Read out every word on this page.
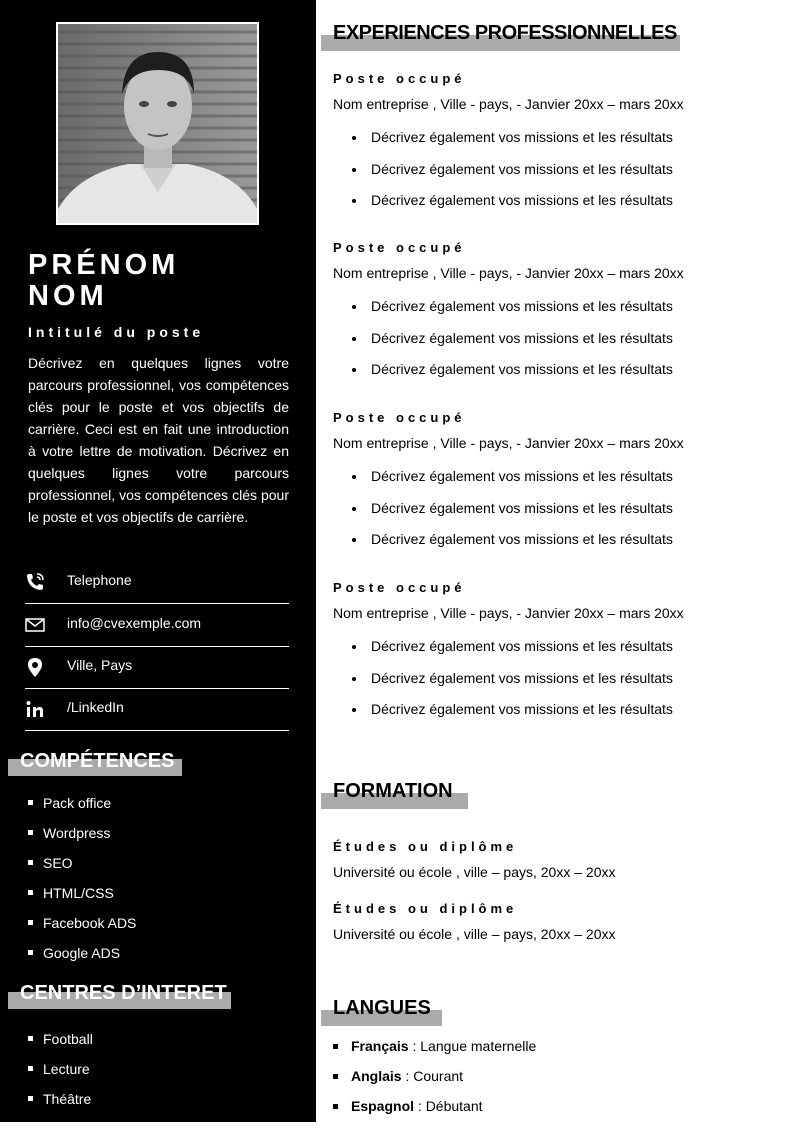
PRÉNOM
NOM
Intitulé du poste
Décrivez en quelques lignes votre parcours professionnel, vos compétences clés pour le poste et vos objectifs de carrière. Ceci est en fait une introduction à votre lettre de motivation. Décrivez en quelques lignes votre parcours professionnel, vos compétences clés pour le poste et vos objectifs de carrière.
Telephone
info@cvexemple.com
Ville, Pays
/LinkedIn
COMPÉTENCES
Pack office
Wordpress
SEO
HTML/CSS
Facebook ADS
Google ADS
CENTRES D’INTERET
Football
Lecture
Théâtre
EXPERIENCES PROFESSIONNELLES
Poste occupé
Nom entreprise , Ville - pays, - Janvier 20xx – mars 20xx
Décrivez également vos missions et les résultats
Décrivez également vos missions et les résultats
Décrivez également vos missions et les résultats
Poste occupé
Nom entreprise , Ville - pays, - Janvier 20xx – mars 20xx
Décrivez également vos missions et les résultats
Décrivez également vos missions et les résultats
Décrivez également vos missions et les résultats
Poste occupé
Nom entreprise , Ville - pays, - Janvier 20xx – mars 20xx
Décrivez également vos missions et les résultats
Décrivez également vos missions et les résultats
Décrivez également vos missions et les résultats
Poste occupé
Nom entreprise , Ville - pays, - Janvier 20xx – mars 20xx
Décrivez également vos missions et les résultats
Décrivez également vos missions et les résultats
Décrivez également vos missions et les résultats
FORMATION
Études ou diplôme
Université ou école , ville – pays, 20xx – 20xx
Études ou diplôme
Université ou école , ville – pays, 20xx – 20xx
LANGUES
Français : Langue maternelle
Anglais : Courant
Espagnol : Débutant
